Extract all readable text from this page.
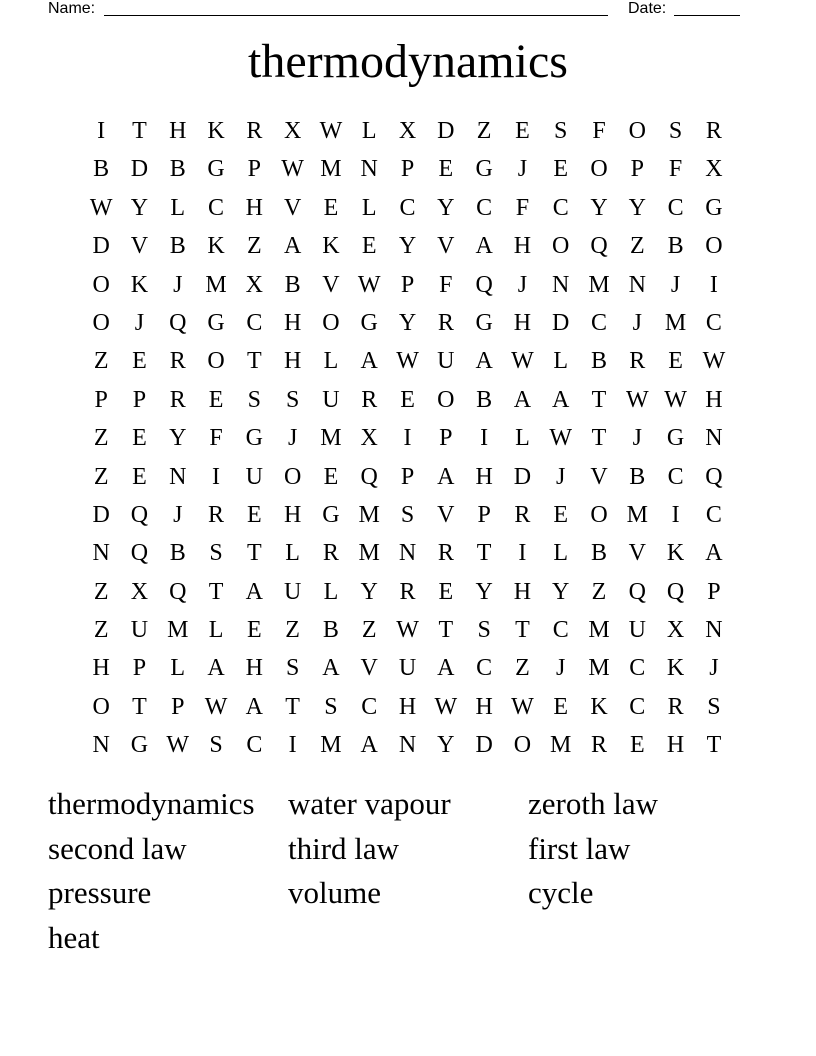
Name:	Date:
thermodynamics
I	T H K R X W L X D Z E	S	F O S R
B D B G P W M N P	E G	J	E O P	F X
W Y L C H V E L C Y C F C Y Y C G
D V B K Z A K E Y V A H O Q Z B O
O K	J M X B V W P	F Q	J	N M N	J	I
O	J	Q G C H O G Y R G H D C	J M C
Z E R O T H L A W U A W L B R E W
P	P R E	S	S U R E O B A A T W W H
Z E Y F G	J M X	I	P	I	L W T	J	G N
Z E N	I	U O E Q P A H D	J	V B C Q
D Q	J	R E H G M S V P R E O M I	C
N Q B S	T L R M N R T	I	L B V K A
Z X Q T A U L Y R E Y H Y Z Q Q P
Z U M L E Z B Z W T	S	T C M U X N
H P	L A H S A V U A C Z	J M C K	J
O T	P W A T	S C H W H W E K C R S
N G W S C	I M A N Y D O M R E H T
thermodynamics	water vapour	zeroth law
second law	third law	first law
pressure	volume	cycle
heat
